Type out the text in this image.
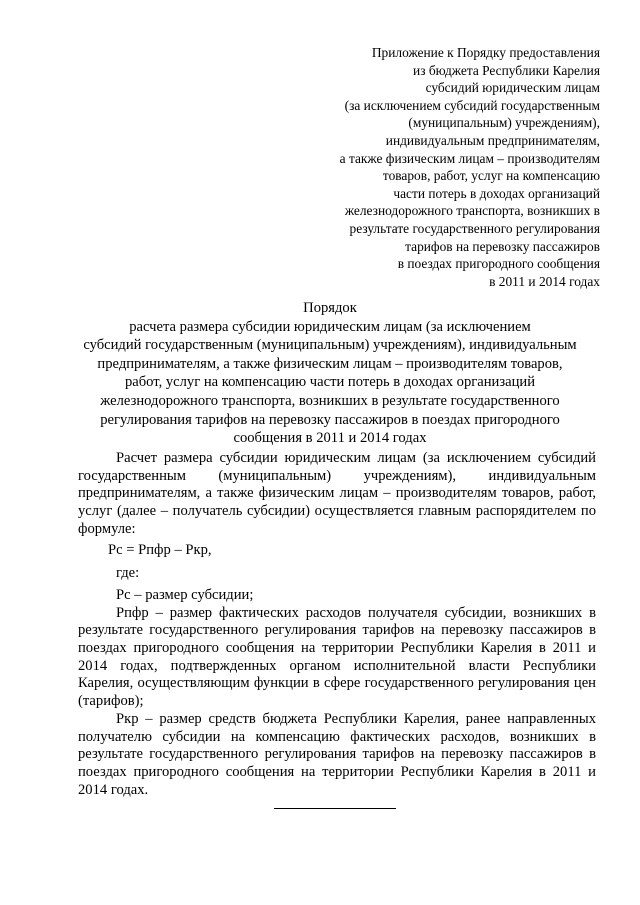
Приложение к Порядку предоставления
из бюджета Республики Карелия
субсидий юридическим лицам
(за исключением субсидий государственным
(муниципальным) учреждениям),
индивидуальным предпринимателям,
а также физическим лицам – производителям
товаров, работ, услуг на компенсацию
части потерь в доходах организаций
железнодорожного транспорта, возникших в
результате государственного регулирования
тарифов на перевозку пассажиров
в поездах пригородного сообщения
в 2011 и 2014 годах
Порядок
расчета размера субсидии юридическим лицам (за исключением
субсидий государственным (муниципальным) учреждениям), индивидуальным
предпринимателям, а также физическим лицам – производителям товаров,
работ, услуг на компенсацию части потерь в доходах организаций
железнодорожного транспорта, возникших в результате государственного
регулирования тарифов на перевозку пассажиров в поездах пригородного
сообщения в 2011 и 2014 годах

Расчет размера субсидии юридическим лицам (за исключением субсидий государственным (муниципальным) учреждениям), индивидуальным предпринимателям, а также физическим лицам – производителям товаров, работ, услуг (далее – получатель субсидии) осуществляется главным распорядителем по формуле:

Рс = Рпфр – Ркр,

где:

Рс – размер субсидии;

Рпфр – размер фактических расходов получателя субсидии, возникших в результате государственного регулирования тарифов на перевозку пассажиров в поездах пригородного сообщения на территории Республики Карелия в 2011 и 2014 годах, подтвержденных органом исполнительной власти Республики Карелия, осуществляющим функции в сфере государственного регулирования цен (тарифов);

Ркр – размер средств бюджета Республики Карелия, ранее направленных получателю субсидии на компенсацию фактических расходов, возникших в результате государственного регулирования тарифов на перевозку пассажиров в поездах пригородного сообщения на территории Республики Карелия в 2011 и 2014 годах.
